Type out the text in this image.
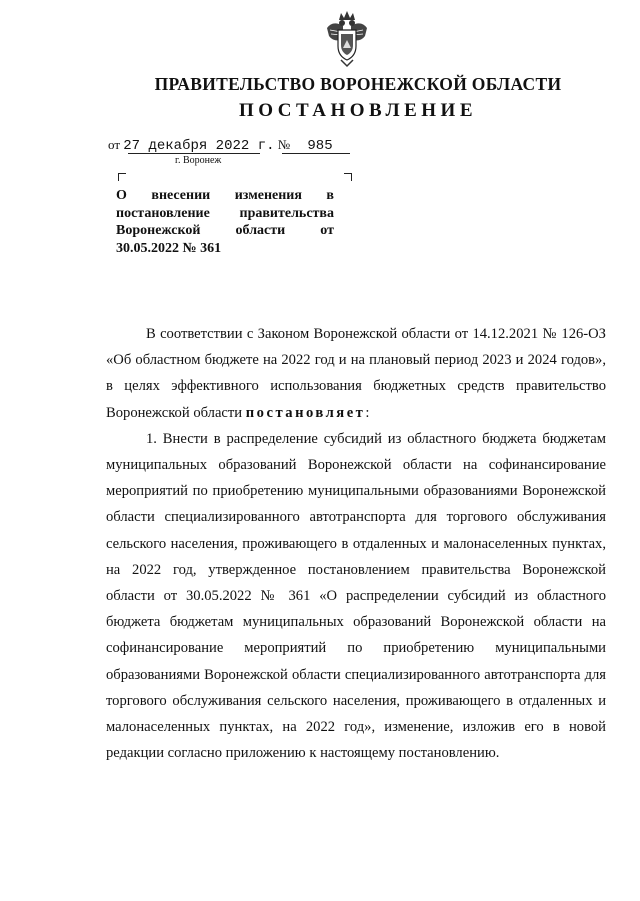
ПРАВИТЕЛЬСТВО ВОРОНЕЖСКОЙ ОБЛАСТИ
ПОСТАНОВЛЕНИЕ
от 27 декабря 2022 г. № 985
г. Воронеж
О внесении изменения в постановление правительства Воронежской области от 30.05.2022 № 361

В соответствии с Законом Воронежской области от 14.12.2021 № 126-ОЗ «Об областном бюджете на 2022 год и на плановый период 2023 и 2024 годов», в целях эффективного использования бюджетных средств правительство Воронежской области постановляет:

1. Внести в распределение субсидий из областного бюджета бюджетам муниципальных образований Воронежской области на софинансирование мероприятий по приобретению муниципальными образованиями Воронежской области специализированного автотранспорта для торгового обслуживания сельского населения, проживающего в отдаленных и малонаселенных пунктах, на 2022 год, утвержденное постановлением правительства Воронежской области от 30.05.2022 № 361 «О распределении субсидий из областного бюджета бюджетам муниципальных образований Воронежской области на софинансирование мероприятий по приобретению муниципальными образованиями Воронежской области специализированного автотранспорта для торгового обслуживания сельского населения, проживающего в отдаленных и малонаселенных пунктах, на 2022 год», изменение, изложив его в новой редакции согласно приложению к настоящему постановлению.
